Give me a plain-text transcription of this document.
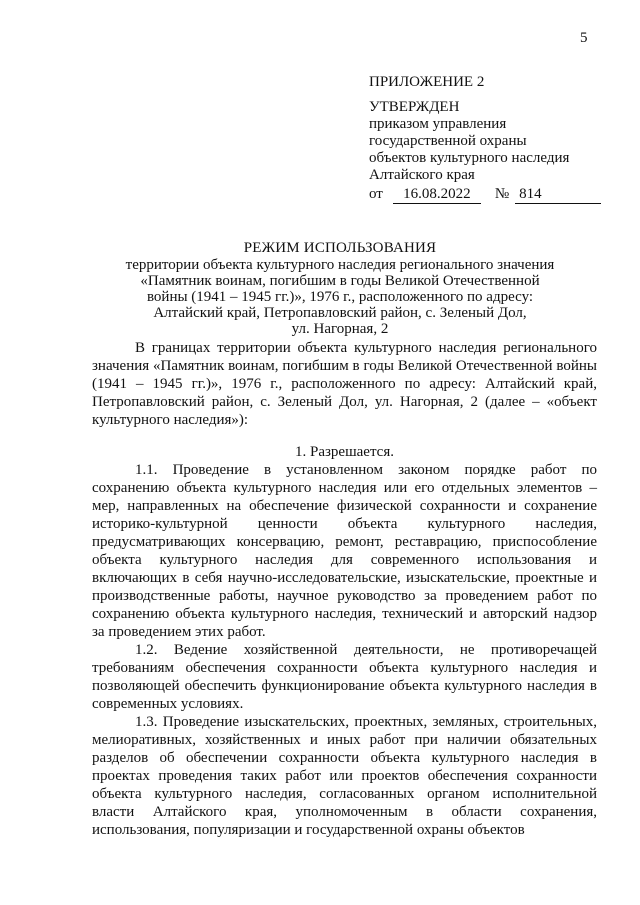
5
ПРИЛОЖЕНИЕ 2
УТВЕРЖДЕН
приказом управления
государственной охраны
объектов культурного наследия
Алтайского края
от	16.08.2022	№ 814
РЕЖИМ ИСПОЛЬЗОВАНИЯ
территории объекта культурного наследия регионального значения
«Памятник воинам, погибшим в годы Великой Отечественной
войны (1941 – 1945 гг.)», 1976 г., расположенного по адресу:
Алтайский край, Петропавловский район, с. Зеленый Дол,
ул. Нагорная, 2

В границах территории объекта культурного наследия регионального значения «Памятник воинам, погибшим в годы Великой Отечественной войны (1941 – 1945 гг.)», 1976 г., расположенного по адресу: Алтайский край, Петропавловский район, с. Зеленый Дол, ул. Нагорная, 2 (далее – «объект культурного наследия»):

1. Разрешается.

1.1. Проведение в установленном законом порядке работ по сохранению объекта культурного наследия или его отдельных элементов – мер, направленных на обеспечение физической сохранности и сохранение историко-культурной ценности объекта культурного наследия, предусматривающих консервацию, ремонт, реставрацию, приспособление объекта культурного наследия для современного использования и включающих в себя научно-исследовательские, изыскательские, проектные и производственные работы, научное руководство за проведением работ по сохранению объекта культурного наследия, технический и авторский надзор за проведением этих работ.

1.2. Ведение хозяйственной деятельности, не противоречащей требованиям обеспечения сохранности объекта культурного наследия и позволяющей обеспечить функционирование объекта культурного наследия в современных условиях.

1.3. Проведение изыскательских, проектных, земляных, строительных, мелиоративных, хозяйственных и иных работ при наличии обязательных разделов об обеспечении сохранности объекта культурного наследия в проектах проведения таких работ или проектов обеспечения сохранности объекта культурного наследия, согласованных органом исполнительной власти Алтайского края, уполномоченным в области сохранения, использования, популяризации и государственной охраны объектов
